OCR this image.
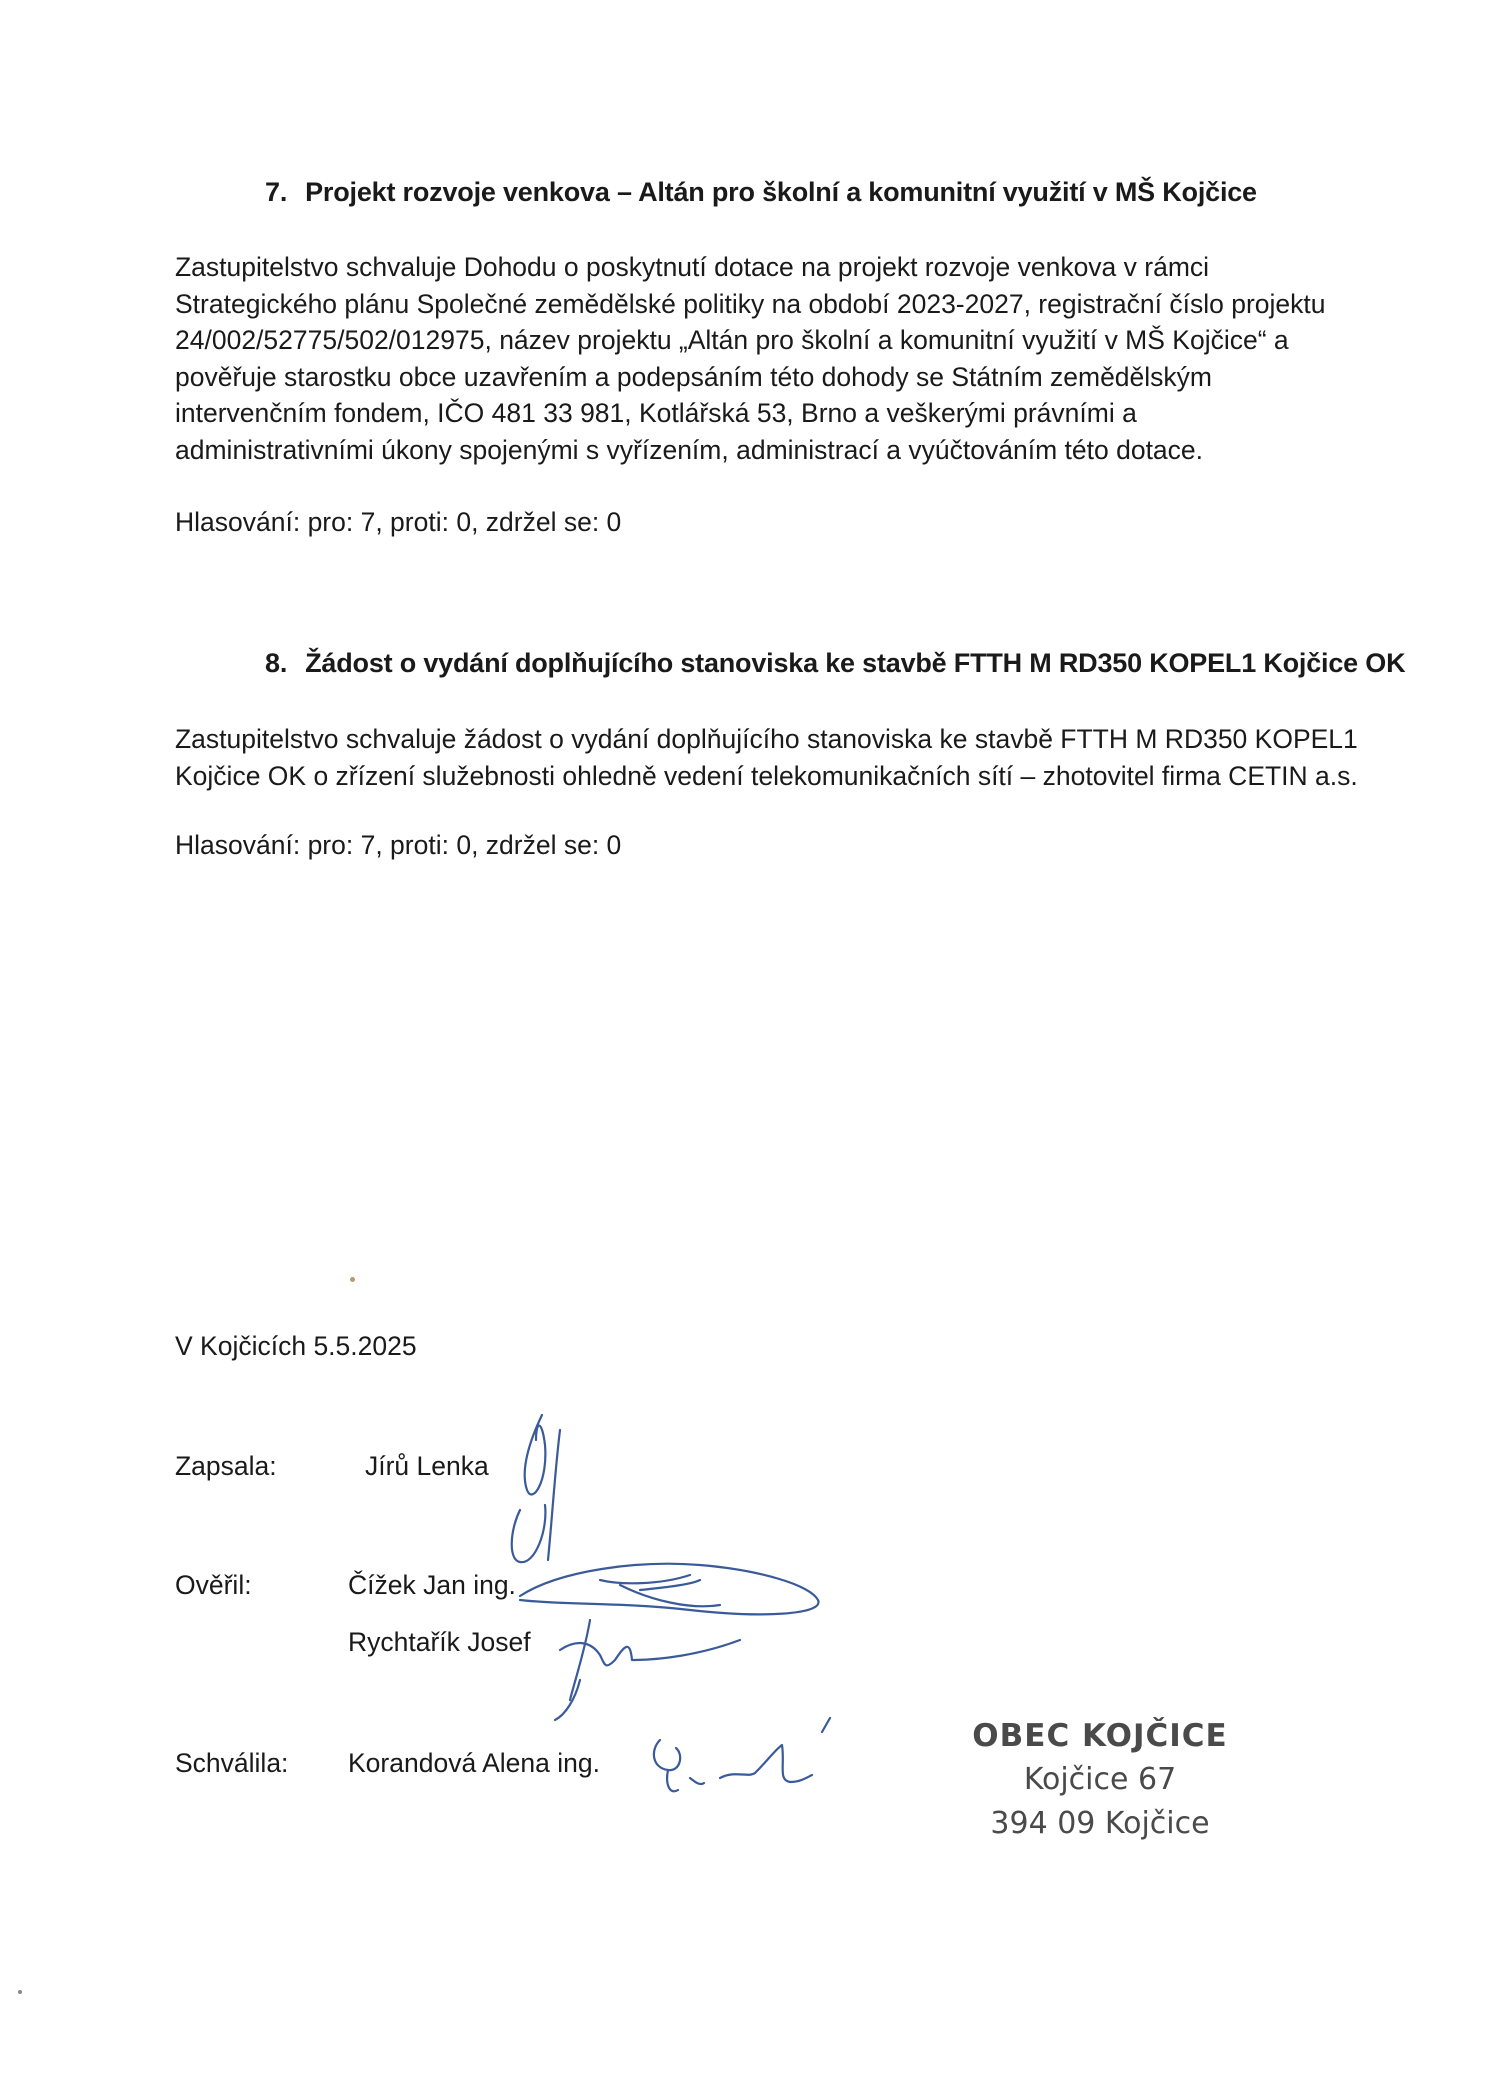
7. Projekt rozvoje venkova – Altán pro školní a komunitní využití v MŠ Kojčice
Zastupitelstvo schvaluje Dohodu o poskytnutí dotace na projekt rozvoje venkova v rámci
Strategického plánu Společné zemědělské politiky na období 2023-2027, registrační číslo projektu
24/002/52775/502/012975, název projektu „Altán pro školní a komunitní využití v MŠ Kojčice“ a
pověřuje starostku obce uzavřením a podepsáním této dohody se Státním zemědělským
intervenčním fondem, IČO 481 33 981, Kotlářská 53, Brno a veškerými právními a
administrativními úkony spojenými s vyřízením, administrací a vyúčtováním této dotace.
Hlasování: pro: 7, proti: 0, zdržel se: 0
8. Žádost o vydání doplňujícího stanoviska ke stavbě FTTH M RD350 KOPEL1 Kojčice OK
Zastupitelstvo schvaluje žádost o vydání doplňujícího stanoviska ke stavbě FTTH M RD350 KOPEL1
Kojčice OK o zřízení služebnosti ohledně vedení telekomunikačních sítí – zhotovitel firma CETIN a.s.
Hlasování: pro: 7, proti: 0, zdržel se: 0
V Kojčicích 5.5.2025
Zapsala:	Jírů Lenka
Ověřil:	Čížek Jan ing.
Rychtařík Josef
Schválila: Korandová Alena ing.
OBEC KOJČICE
Kojčice 67
394 09 Kojčice
